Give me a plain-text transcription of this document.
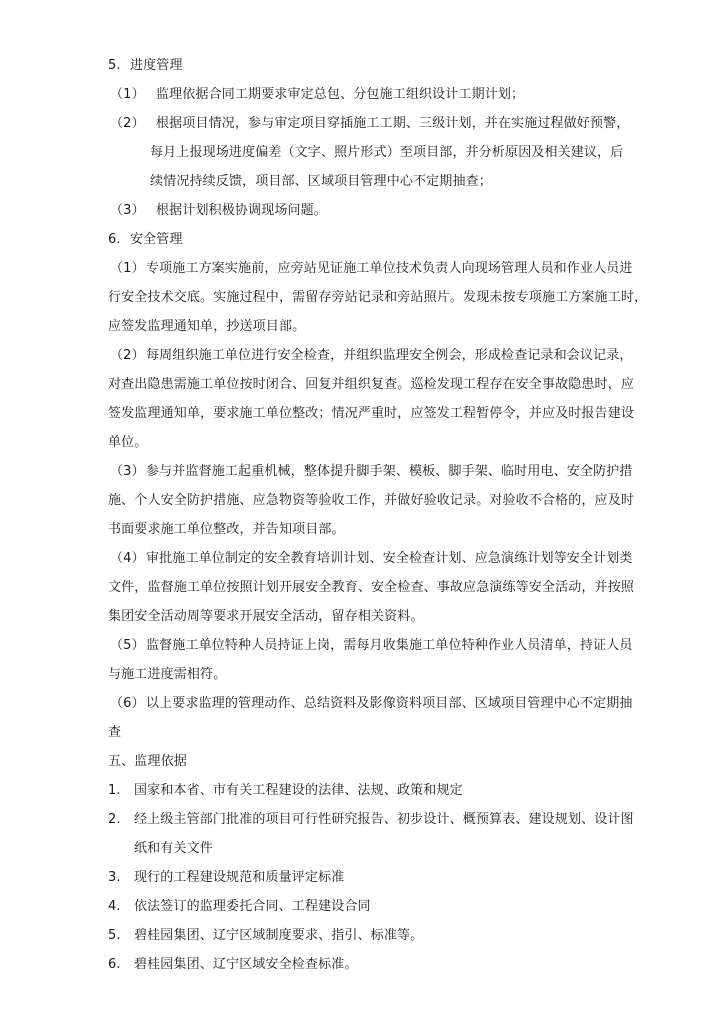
5. 进度管理
（1） 监理依据合同工期要求审定总包、分包施工组织设计工期计划；
（2） 根据项目情况，参与审定项目穿插施工工期、三级计划，并在实施过程做好预警，
每月上报现场进度偏差（文字、照片形式）至项目部，并分析原因及相关建议，后
续情况持续反馈，项目部、区域项目管理中心不定期抽查；
（3） 根据计划积极协调现场问题。
6. 安全管理
（1） 专项施工方案实施前，应旁站见证施工单位技术负责人向现场管理人员和作业人员进
行安全技术交底。实施过程中，需留存旁站记录和旁站照片。发现未按专项施工方案施工时，
应签发监理通知单，抄送项目部。
（2） 每周组织施工单位进行安全检查，并组织监理安全例会，形成检查记录和会议记录，
对查出隐患需施工单位按时闭合、回复并组织复查。巡检发现工程存在安全事故隐患时，应
签发监理通知单，要求施工单位整改；情况严重时，应签发工程暂停令，并应及时报告建设
单位。
（3） 参与并监督施工起重机械，整体提升脚手架、模板、脚手架、临时用电、安全防护措
施、个人安全防护措施、应急物资等验收工作，并做好验收记录。对验收不合格的，应及时
书面要求施工单位整改，并告知项目部。
（4） 审批施工单位制定的安全教育培训计划、安全检查计划、应急演练计划等安全计划类
文件，监督施工单位按照计划开展安全教育、安全检查、事故应急演练等安全活动，并按照
集团安全活动周等要求开展安全活动，留存相关资料。
（5） 监督施工单位特种人员持证上岗，需每月收集施工单位特种作业人员清单，持证人员
与施工进度需相符。
（6） 以上要求监理的管理动作、总结资料及影像资料项目部、区域项目管理中心不定期抽
查
五、监理依据
1. 国家和本省、市有关工程建设的法律、法规、政策和规定
2. 经上级主管部门批准的项目可行性研究报告、初步设计、概预算表、建设规划、设计图
纸和有关文件
3. 现行的工程建设规范和质量评定标准
4. 依法签订的监理委托合同、工程建设合同
5. 碧桂园集团、辽宁区域制度要求、指引、标准等。
6. 碧桂园集团、辽宁区域安全检查标准。
